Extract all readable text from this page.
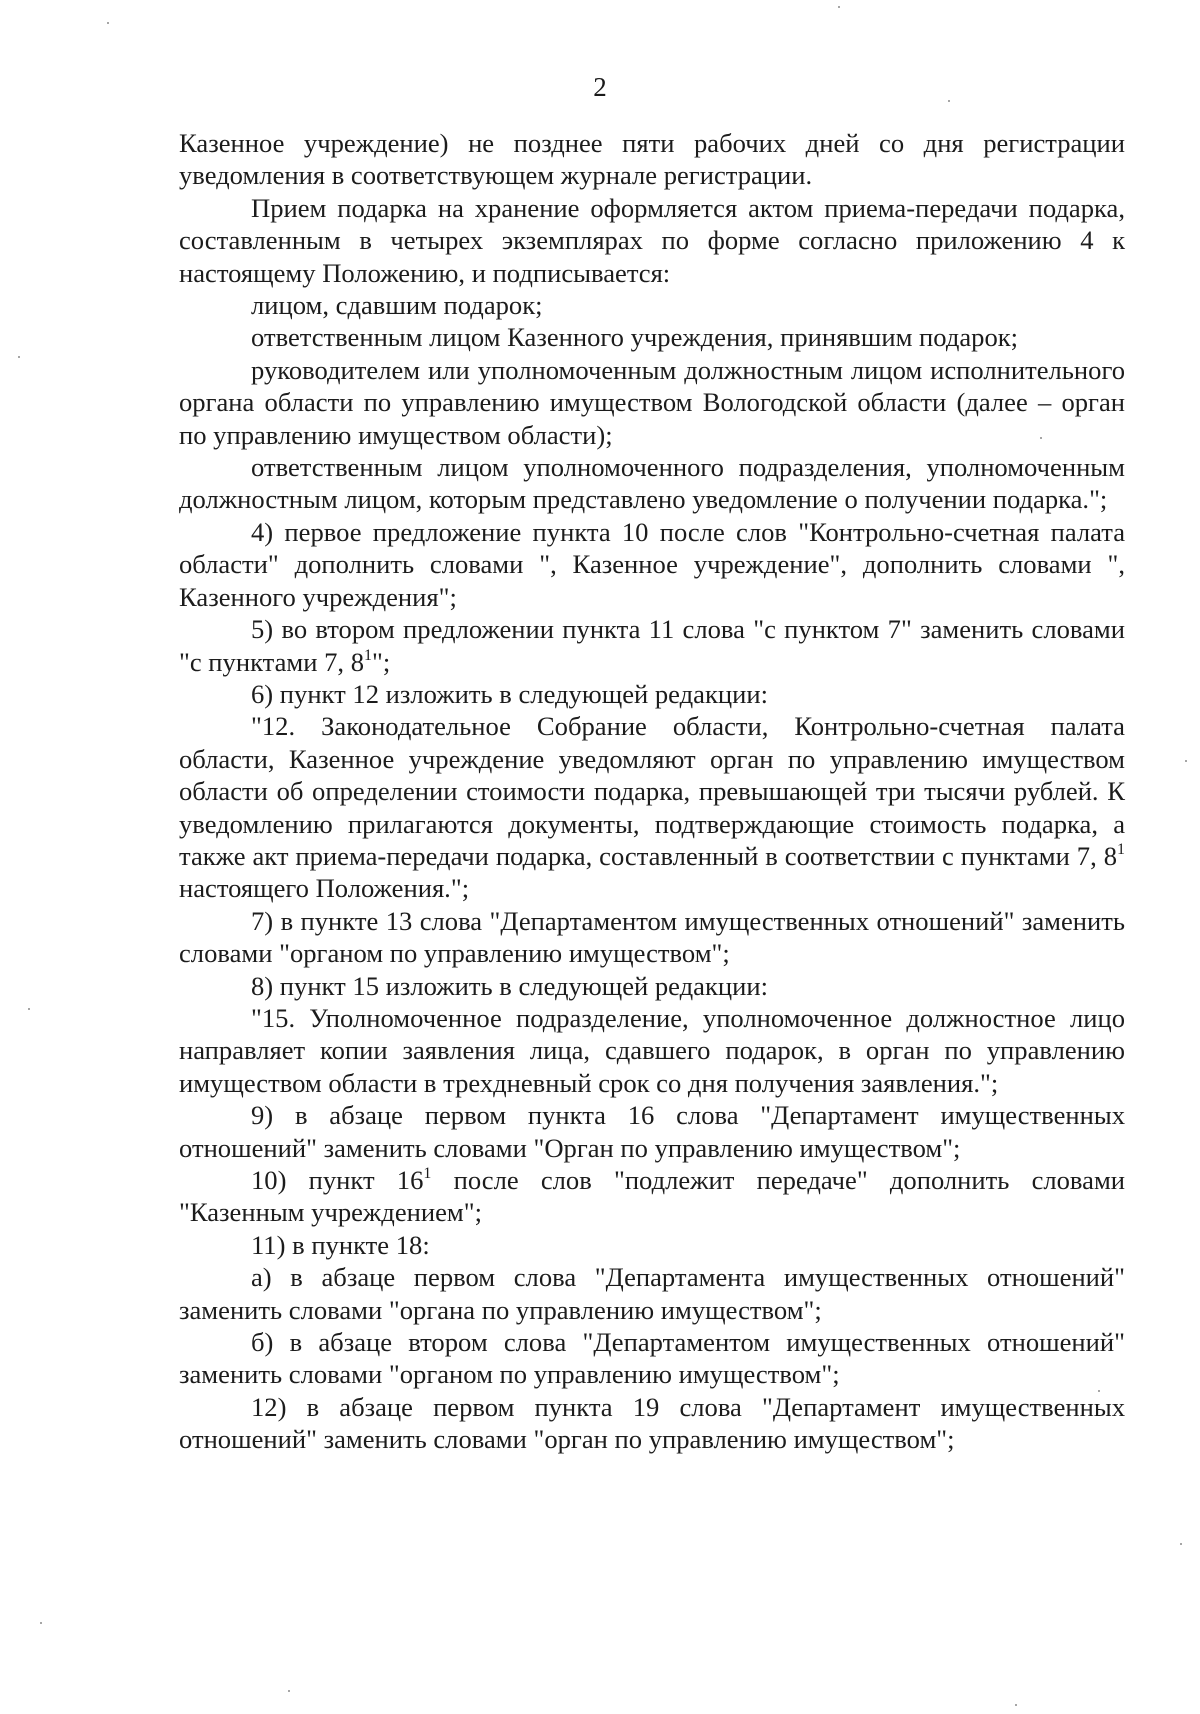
2

Казенное учреждение) не позднее пяти рабочих дней со дня регистрации уведомления в соответствующем журнале регистрации.

Прием подарка на хранение оформляется актом приема-передачи подарка, составленным в четырех экземплярах по форме согласно приложению 4 к настоящему Положению, и подписывается:

лицом, сдавшим подарок;

ответственным лицом Казенного учреждения, принявшим подарок;

руководителем или уполномоченным должностным лицом исполнительного органа области по управлению имуществом Вологодской области (далее – орган по управлению имуществом области);

ответственным лицом уполномоченного подразделения, уполномоченным должностным лицом, которым представлено уведомление о получении подарка.";

4) первое предложение пункта 10 после слов "Контрольно-счетная палата области" дополнить словами ", Казенное учреждение", дополнить словами ", Казенного учреждения";

5) во втором предложении пункта 11 слова "с пунктом 7" заменить словами "с пунктами 7, $8^1$";

6) пункт 12 изложить в следующей редакции:

"12. Законодательное Собрание области, Контрольно-счетная палата области, Казенное учреждение уведомляют орган по управлению имуществом области об определении стоимости подарка, превышающей три тысячи рублей. К уведомлению прилагаются документы, подтверждающие стоимость подарка, а также акт приема-передачи подарка, составленный в соответствии с пунктами 7, $8^1$ настоящего Положения.";

7) в пункте 13 слова "Департаментом имущественных отношений" заменить словами "органом по управлению имуществом";

8) пункт 15 изложить в следующей редакции:

"15. Уполномоченное подразделение, уполномоченное должностное лицо направляет копии заявления лица, сдавшего подарок, в орган по управлению имуществом области в трехдневный срок со дня получения заявления.";

9) в абзаце первом пункта 16 слова "Департамент имущественных отношений" заменить словами "Орган по управлению имуществом";

10) пункт $16^1$ после слов "подлежит передаче" дополнить словами "Казенным учреждением";

11) в пункте 18:

а) в абзаце первом слова "Департамента имущественных отношений" заменить словами "органа по управлению имуществом";

б) в абзаце втором слова "Департаментом имущественных отношений" заменить словами "органом по управлению имуществом";

12) в абзаце первом пункта 19 слова "Департамент имущественных отношений" заменить словами "орган по управлению имуществом";
